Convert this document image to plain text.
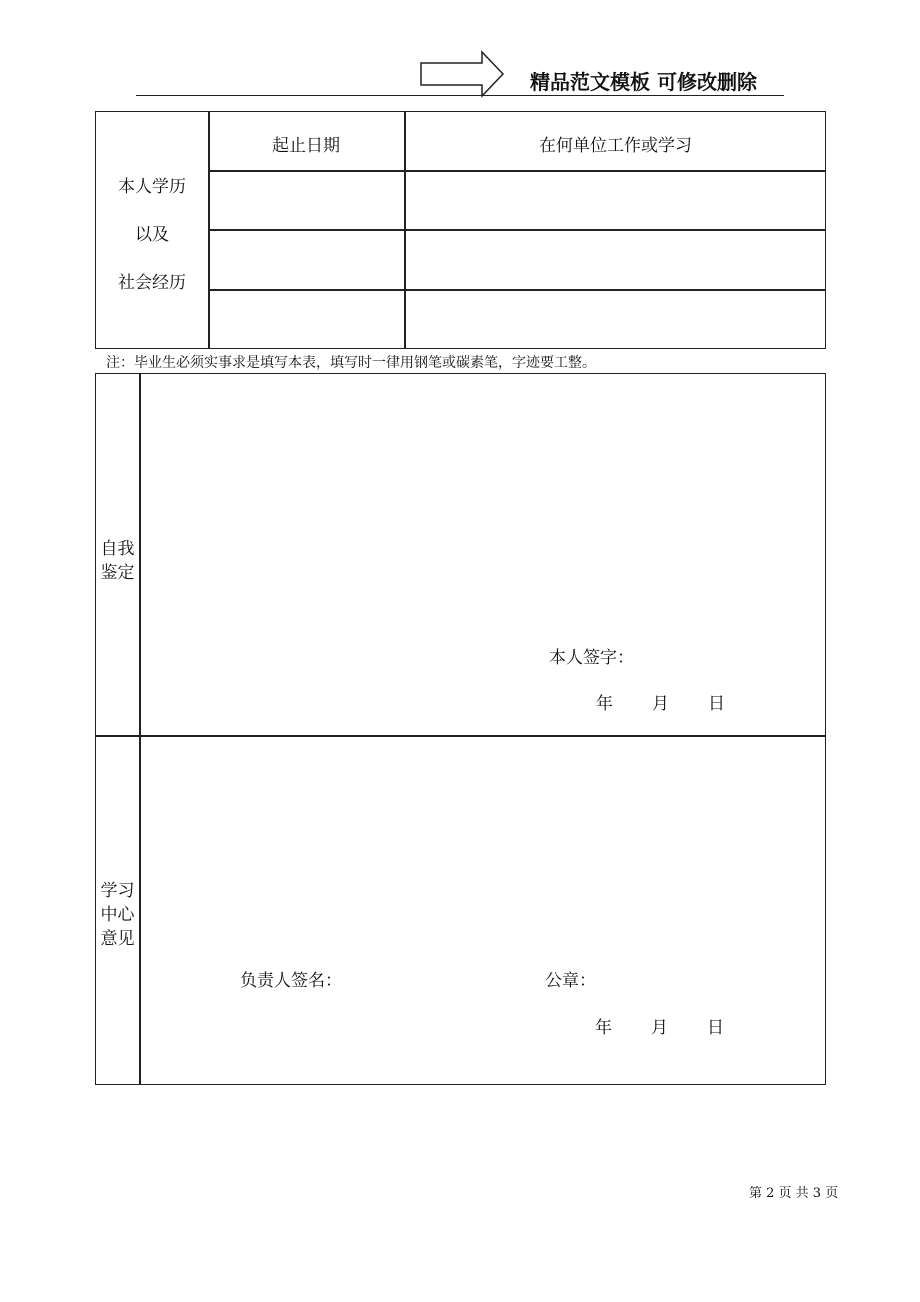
精品范文模板 可修改删除
本人学历
以及
社会经历
起止日期	在何单位工作或学习
注：毕业生必须实事求是填写本表，填写时一律用钢笔或碳素笔，字迹要工整。
自我
鉴定
本人签字：
年 月 日
学习
中心
意见
负责人签名：	公章：
年 月 日
第 2 页 共 3 页
